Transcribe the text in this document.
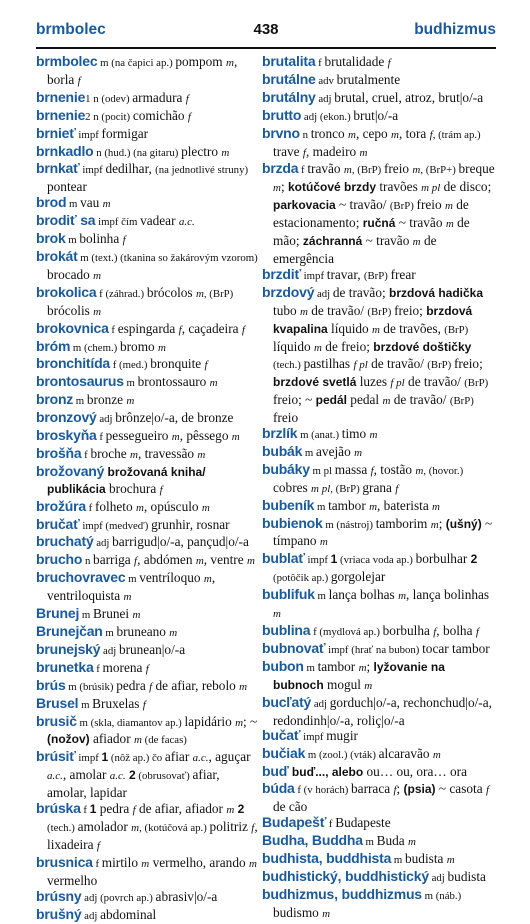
brmbolec	438	budhizmus

brmbolec m (na čapici ap.) pompom m, borla f

brnenie1 n (odev) armadura f

brnenie2 n (pocit) comichão f

brnieť impf formigar

brnkadlo n (hud.) (na gitaru) plectro m

brnkať impf dedilhar, (na jednotlivé struny) pontear

brod m vau m

brodiť sa impf čím vadear a.c.

brok m bolinha f

brokát m (text.) (tkanina so žakárovým vzorom) brocado m

brokolica f (záhrad.) brócolos m, (BrP) brócolis m

brokovnica f espingarda f, caçadeira f

bróm m (chem.) bromo m

bronchitída f (med.) bronquite f

brontosaurus m brontossauro m

bronz m bronze m

bronzový adj brônze|o/-a, de bronze

broskyňa f pessegueiro m, pêssego m

brošňa f broche m, travessão m

brožovaný brožovaná kniha/ publikácia brochura f

brožúra f folheto m, opúsculo m

bručať impf (medveď) grunhir, rosnar

bruchatý adj barrigud|o/-a, pançud|o/-a

brucho n barriga f, abdómen m, ventre m

bruchovravec m ventríloquo m, ventriloquista m

Brunej m Brunei m

Brunejčan m bruneano m

brunejský adj brunean|o/-a

brunetka f morena f

brús m (brúsik) pedra f de afiar, rebolo m

Brusel m Bruxelas f

brusič m (skla, diamantov ap.) lapidário m; ~ (nožov) afiador m (de facas)

brúsiť impf 1 (nôž ap.) čo afiar a.c., aguçar a.c., amolar a.c. 2 (obrusovať) afiar, amolar, lapidar

brúska f 1 pedra f de afiar, afiador m 2 (tech.) amolador m, (kotúčová ap.) politriz f, lixadeira f

brusnica f mirtilo m vermelho, arando m vermelho

brúsny adj (povrch ap.) abrasiv|o/-a

brušný adj abdominal

brutalita f brutalidade f

brutálne adv brutalmente

brutálny adj brutal, cruel, atroz, brut|o/-a

brutto adj (ekon.) brut|o/-a

brvno n tronco m, cepo m, tora f, (trám ap.) trave f, madeiro m

brzda f travão m, (BrP) freio m, (BrP+) breque m; kotúčové brzdy travões m pl de disco; parkovacia ~ travão/ (BrP) freio m de estacionamento; ručná ~ travão m de mão; záchranná ~ travão m de emergência

brzdiť impf travar, (BrP) frear

brzdový adj de travão; brzdová hadička tubo m de travão/ (BrP) freio; brzdová kvapalina líquido m de travões, (BrP) líquido m de freio; brzdové doštičky (tech.) pastilhas f pl de travão/ (BrP) freio; brzdové svetlá luzes f pl de travão/ (BrP) freio; ~ pedál pedal m de travão/ (BrP) freio

brzlík m (anat.) timo m

bubák m avejão m

bubáky m pl massa f, tostão m, (hovor.) cobres m pl, (BrP) grana f

bubeník m tambor m, baterista m

bubienok m (nástroj) tamborim m; (ušný) ~ tímpano m

bublať impf 1 (vriaca voda ap.) borbulhar 2 (potôčik ap.) gorgolejar

bublifuk m lança bolhas m, lança bolinhas m

bublina f (mydlová ap.) borbulha f, bolha f

bubnovať impf (hrať na bubon) tocar tambor

bubon m tambor m; lyžovanie na bubnoch mogul m

bucľatý adj gorduch|o/-a, rechonchud|o/-a, redondinh|o/-a, roliç|o/-a

bučať impf mugir

bučiak m (zool.) (vták) alcaravão m

buď buď..., alebo ou… ou, ora… ora

búda f (v horách) barraca f; (psia) ~ casota f de cão

Budapešť f Budapeste

Budha, Buddha m Buda m

budhista, buddhista m budista m

budhistický, buddhistický adj budista

budhizmus, buddhizmus m (náb.) budismo m
